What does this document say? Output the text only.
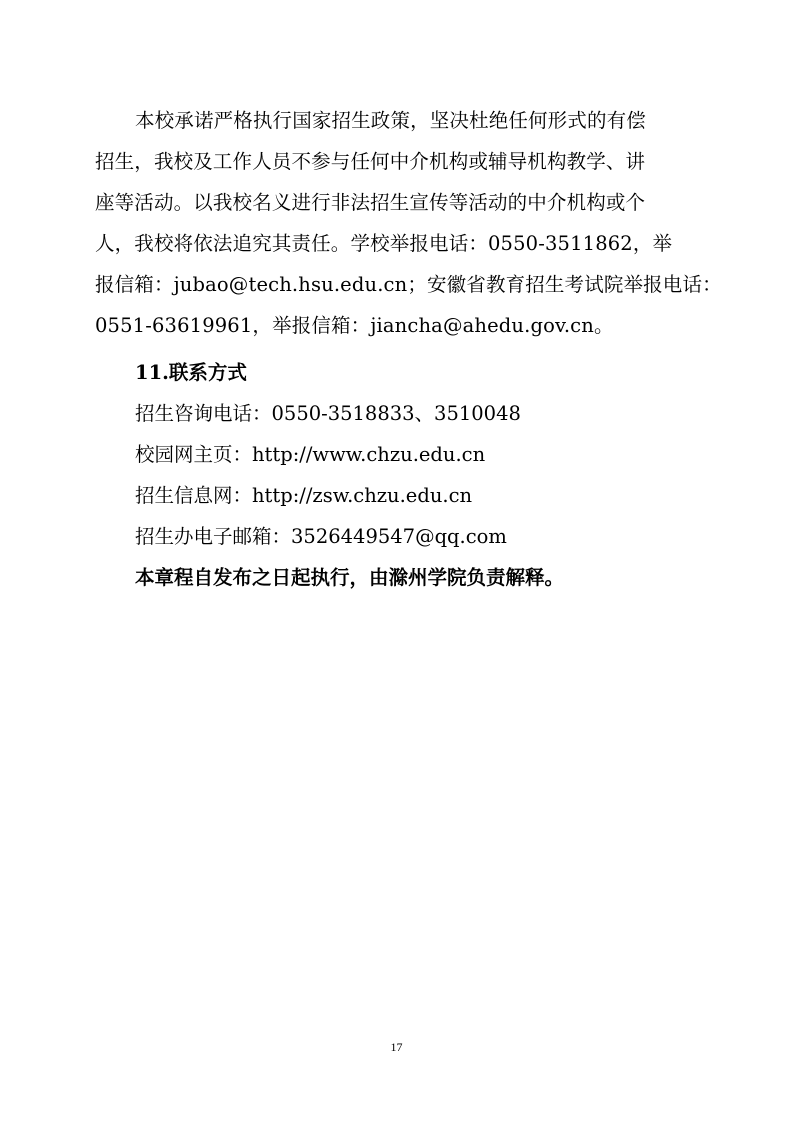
本校承诺严格执行国家招生政策，坚决杜绝任何形式的有偿
招生，我校及工作人员不参与任何中介机构或辅导机构教学、讲
座等活动。以我校名义进行非法招生宣传等活动的中介机构或个
人，我校将依法追究其责任。学校举报电话：0550-3511862，举
报信箱：jubao@tech.hsu.edu.cn；安徽省教育招生考试院举报电话：
0551-63619961，举报信箱：jiancha@ahedu.gov.cn。
11.联系方式
招生咨询电话：0550-3518833、3510048
校园网主页：http://www.chzu.edu.cn
招生信息网：http://zsw.chzu.edu.cn
招生办电子邮箱：3526449547@qq.com
本章程自发布之日起执行，由滁州学院负责解释。
17
